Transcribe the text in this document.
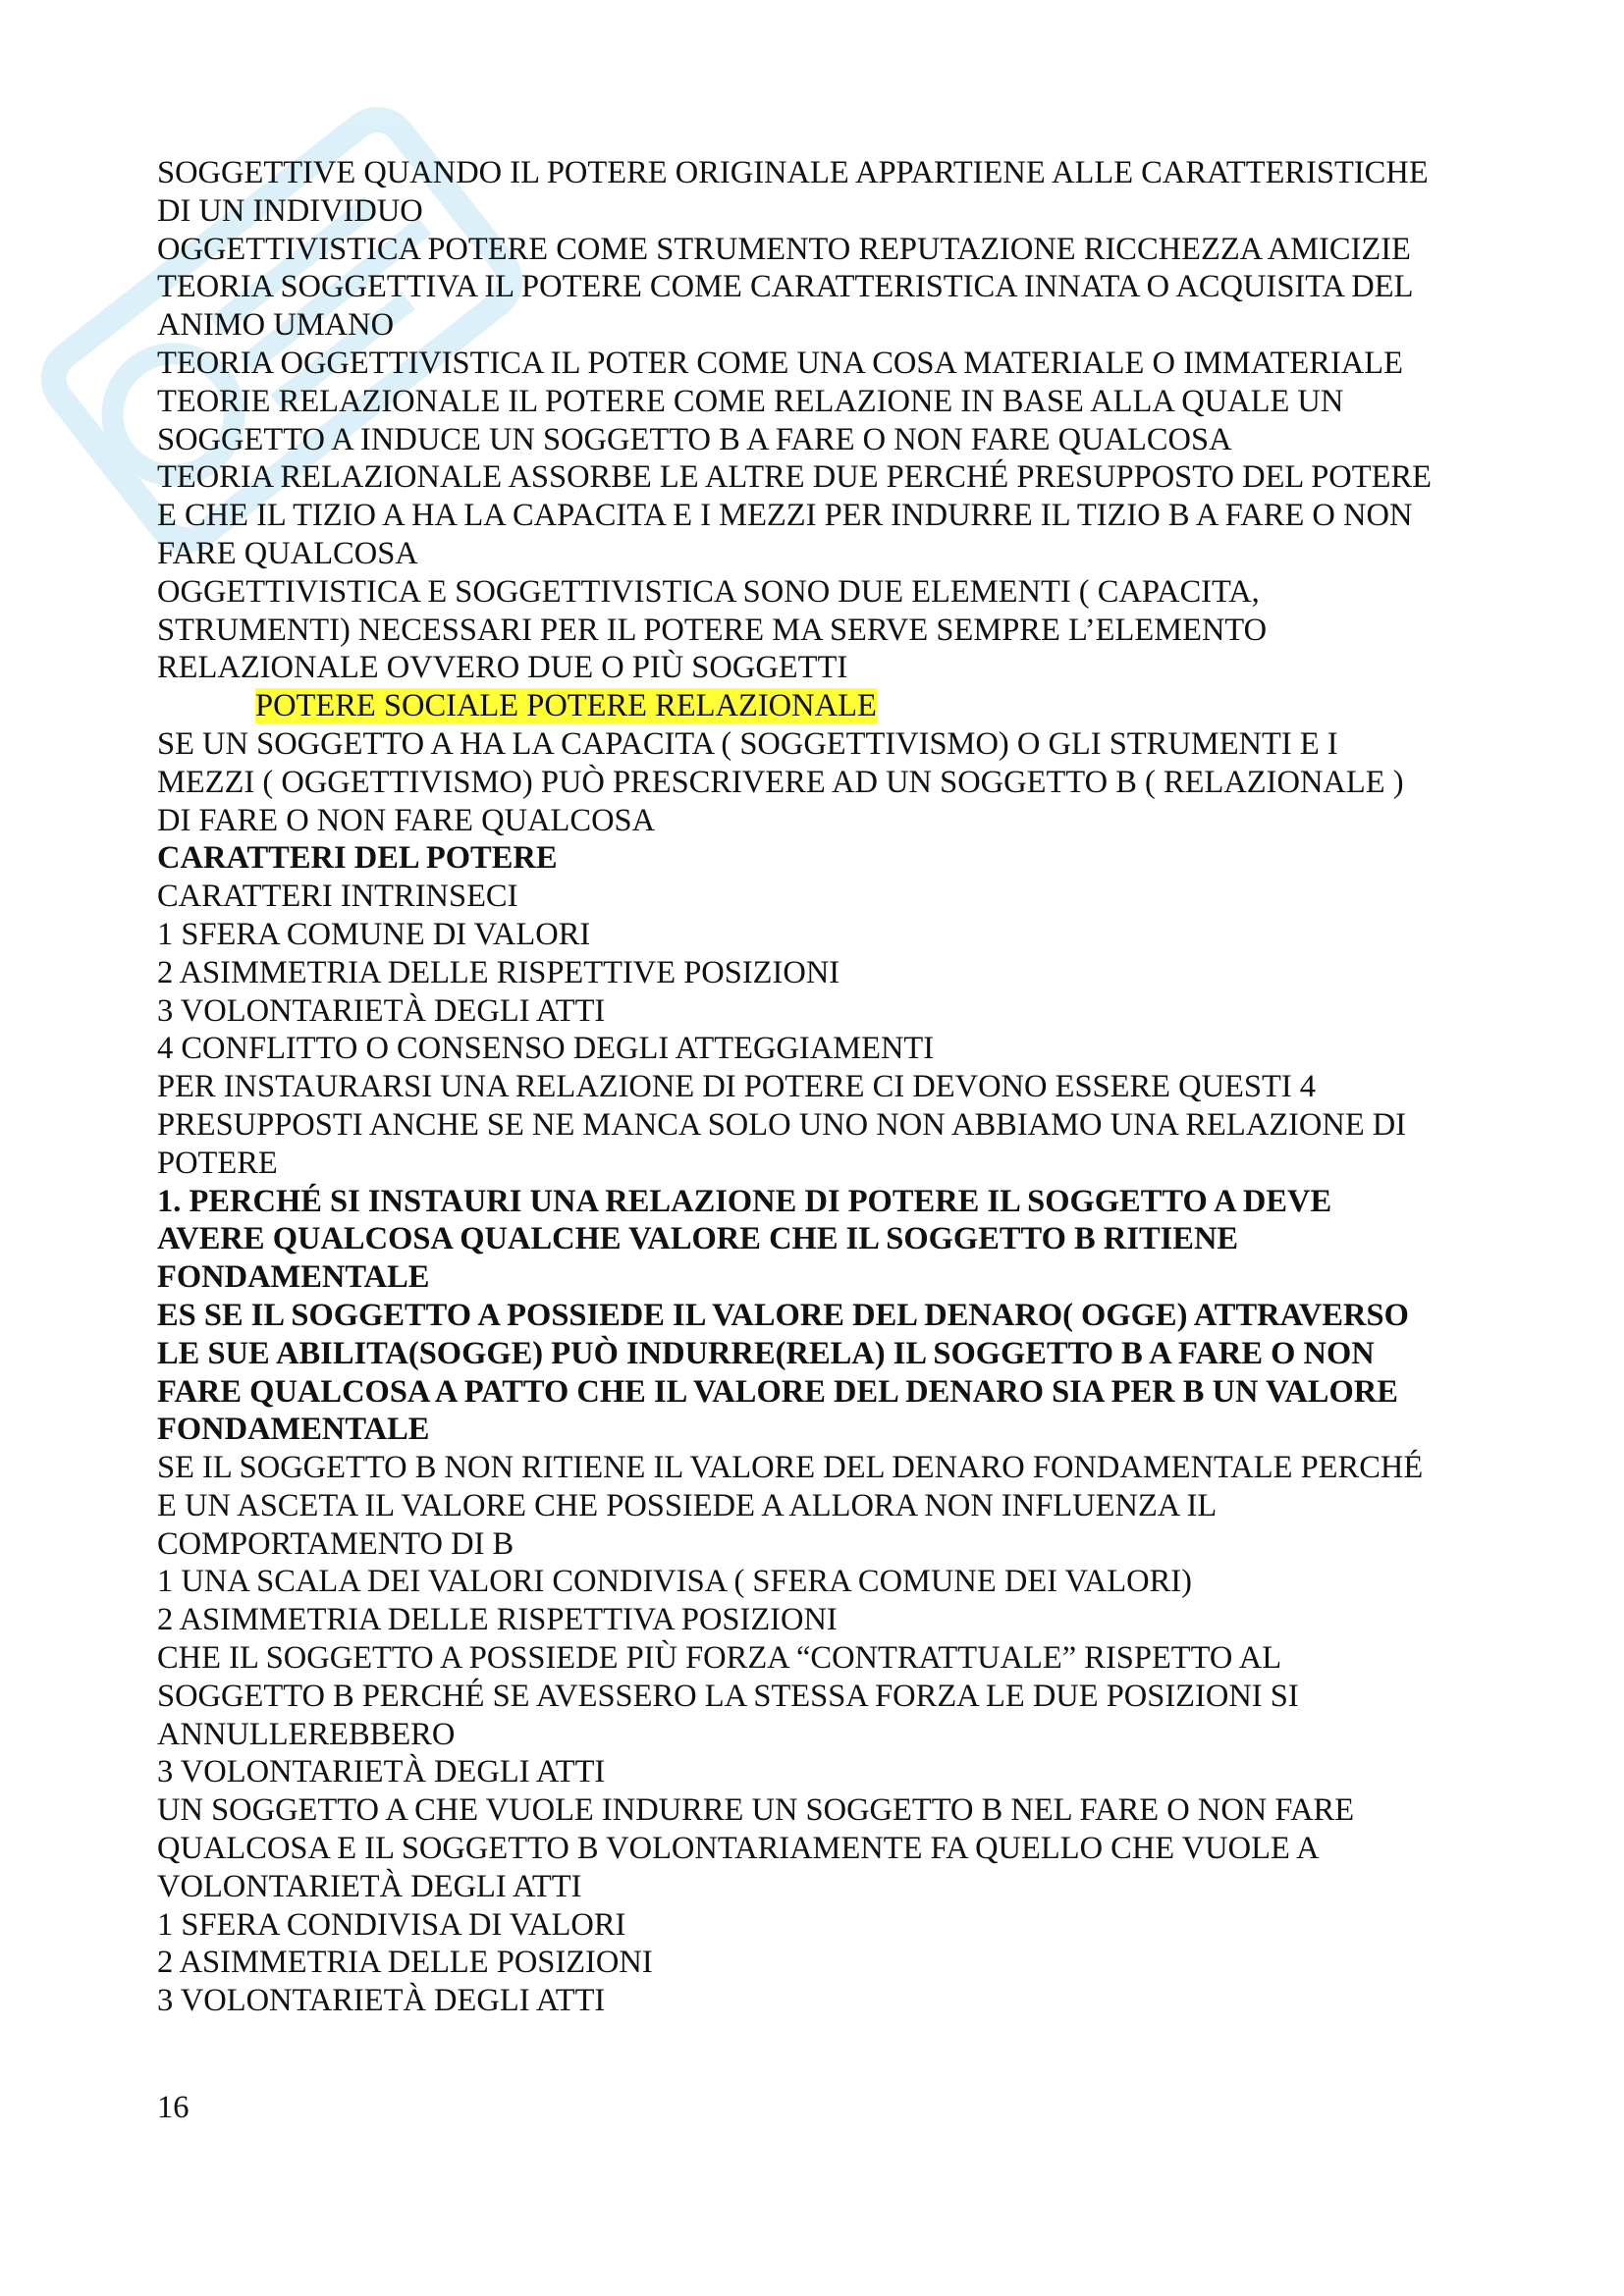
SOGGETTIVE QUANDO IL POTERE ORIGINALE APPARTIENE ALLE CARATTERISTICHE
DI UN INDIVIDUO
OGGETTIVISTICA POTERE COME STRUMENTO REPUTAZIONE RICCHEZZA AMICIZIE
TEORIA SOGGETTIVA IL POTERE COME CARATTERISTICA INNATA O ACQUISITA DEL
ANIMO UMANO
TEORIA OGGETTIVISTICA IL POTER COME UNA COSA MATERIALE O IMMATERIALE
TEORIE RELAZIONALE IL POTERE COME RELAZIONE IN BASE ALLA QUALE UN
SOGGETTO A INDUCE UN SOGGETTO B A FARE O NON FARE QUALCOSA
TEORIA RELAZIONALE ASSORBE LE ALTRE DUE PERCHÉ PRESUPPOSTO DEL POTERE
E CHE IL TIZIO A HA LA CAPACITA E I MEZZI PER INDURRE IL TIZIO B A FARE O NON
FARE QUALCOSA
OGGETTIVISTICA E SOGGETTIVISTICA SONO DUE ELEMENTI ( CAPACITA,
STRUMENTI) NECESSARI PER IL POTERE MA SERVE SEMPRE L’ELEMENTO
RELAZIONALE OVVERO DUE O PIÙ SOGGETTI
POTERE SOCIALE POTERE RELAZIONALE
SE UN SOGGETTO A HA LA CAPACITA ( SOGGETTIVISMO) O GLI STRUMENTI E I
MEZZI ( OGGETTIVISMO) PUÒ PRESCRIVERE AD UN SOGGETTO B ( RELAZIONALE )
DI FARE O NON FARE QUALCOSA
CARATTERI DEL POTERE
CARATTERI INTRINSECI
1 SFERA COMUNE DI VALORI
2 ASIMMETRIA DELLE RISPETTIVE POSIZIONI
3 VOLONTARIETÀ DEGLI ATTI
4 CONFLITTO O CONSENSO DEGLI ATTEGGIAMENTI
PER INSTAURARSI UNA RELAZIONE DI POTERE CI DEVONO ESSERE QUESTI 4
PRESUPPOSTI ANCHE SE NE MANCA SOLO UNO NON ABBIAMO UNA RELAZIONE DI
POTERE
1. PERCHÉ SI INSTAURI UNA RELAZIONE DI POTERE IL SOGGETTO A DEVE
AVERE QUALCOSA QUALCHE VALORE CHE IL SOGGETTO B RITIENE
FONDAMENTALE
ES SE IL SOGGETTO A POSSIEDE IL VALORE DEL DENARO( OGGE) ATTRAVERSO
LE SUE ABILITA(SOGGE) PUÒ INDURRE(RELA) IL SOGGETTO B A FARE O NON
FARE QUALCOSA A PATTO CHE IL VALORE DEL DENARO SIA PER B UN VALORE
FONDAMENTALE
SE IL SOGGETTO B NON RITIENE IL VALORE DEL DENARO FONDAMENTALE PERCHÉ
E UN ASCETA IL VALORE CHE POSSIEDE A ALLORA NON INFLUENZA IL
COMPORTAMENTO DI B
1 UNA SCALA DEI VALORI CONDIVISA ( SFERA COMUNE DEI VALORI)
2 ASIMMETRIA DELLE RISPETTIVA POSIZIONI
CHE IL SOGGETTO A POSSIEDE PIÙ FORZA “CONTRATTUALE” RISPETTO AL
SOGGETTO B PERCHÉ SE AVESSERO LA STESSA FORZA LE DUE POSIZIONI SI
ANNULLEREBBERO
3 VOLONTARIETÀ DEGLI ATTI
UN SOGGETTO A CHE VUOLE INDURRE UN SOGGETTO B NEL FARE O NON FARE
QUALCOSA E IL SOGGETTO B VOLONTARIAMENTE FA QUELLO CHE VUOLE A
VOLONTARIETÀ DEGLI ATTI
1 SFERA CONDIVISA DI VALORI
2 ASIMMETRIA DELLE POSIZIONI
3 VOLONTARIETÀ DEGLI ATTI
16
